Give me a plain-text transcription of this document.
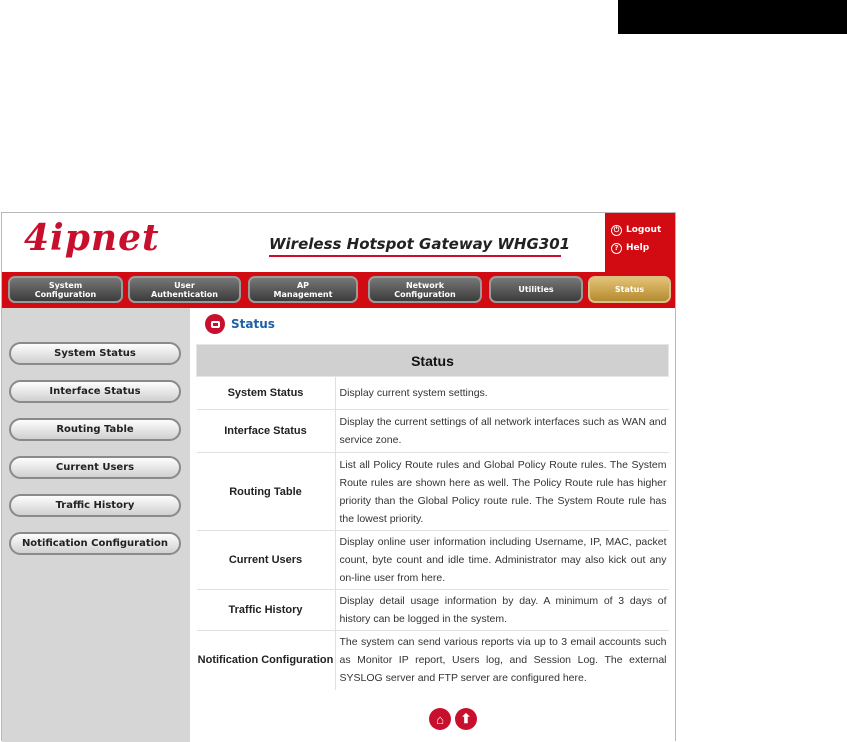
4ipnet	Wireless Hotspot Gateway WHG301
⏻ Logout
? Help
System
Configuration
User
Authentication
AP
Management
Network
Configuration	Utilities	Status
System Status
Interface Status
Routing Table
Current Users
Traffic History
Notification Configuration
Status
Status	
System Status	Display current system settings.
Interface Status	Display the current settings of all network interfaces such as WAN and service zone.
Routing Table	List all Policy Route rules and Global Policy Route rules. The System Route rules are shown here as well. The Policy Route rule has higher priority than the Global Policy route rule. The System Route rule has the lowest priority.
Current Users	Display online user information including Username, IP, MAC, packet count, byte count and idle time. Administrator may also kick out any on-line user from here.
Traffic History	Display detail usage information by day. A minimum of 3 days of history can be logged in the system.
Notification Configuration	The system can send various reports via up to 3 email accounts such as Monitor IP report, Users log, and Session Log. The external SYSLOG server and FTP server are configured here.
⌂	⬆
